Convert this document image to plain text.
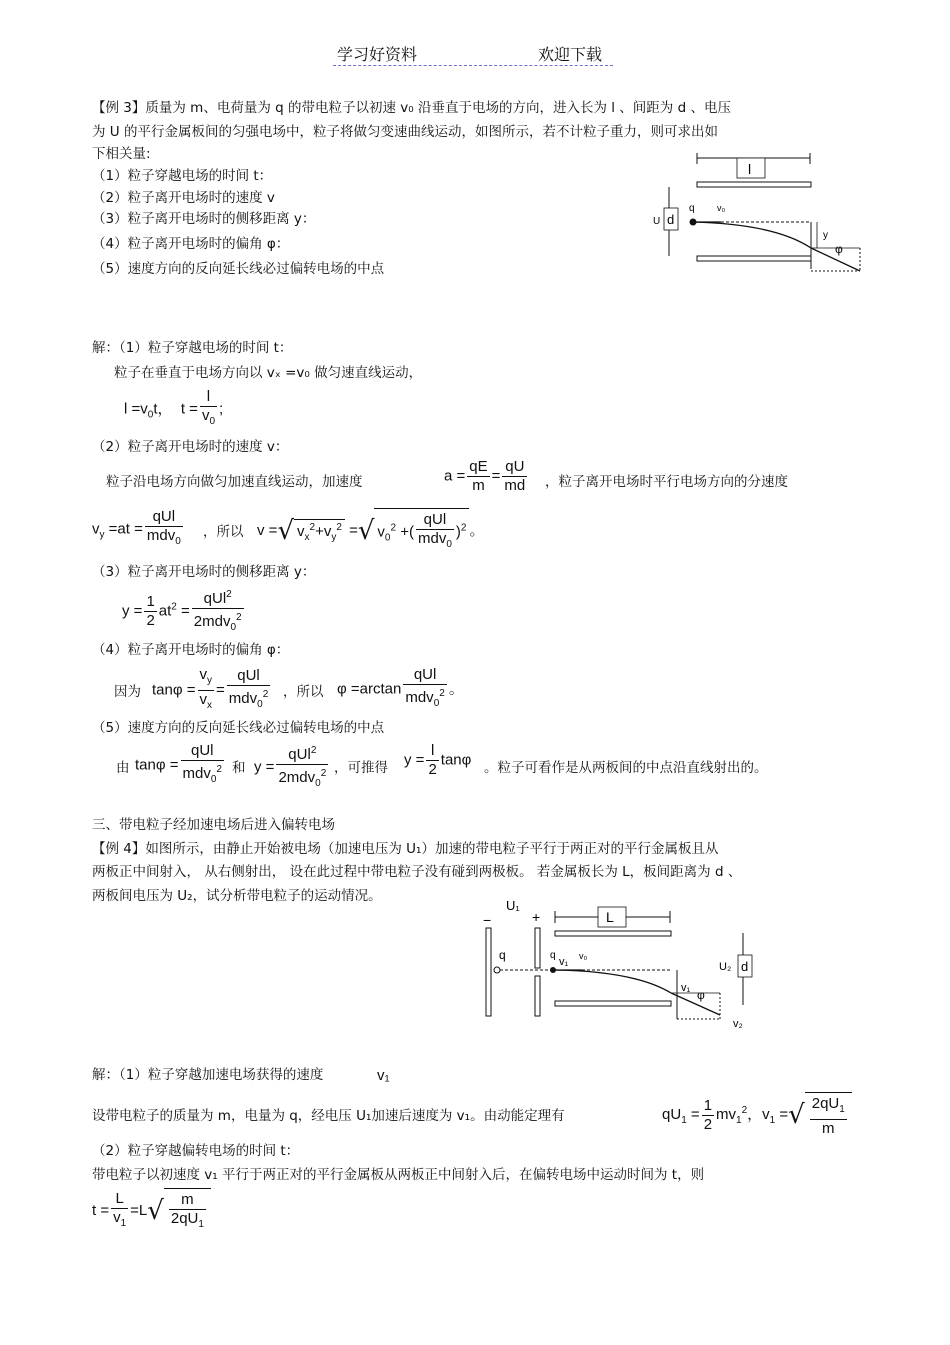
学习好资料	欢迎下载
【例 3】质量为 m、电荷量为 q 的带电粒子以初速 v₀ 沿垂直于电场的方向，进入长为 l 、间距为 d 、电压
为 U 的平行金属板间的匀强电场中，粒子将做匀变速曲线运动，如图所示，若不计粒子重力，则可求出如
下相关量:
（1）粒子穿越电场的时间 t：
（2）粒子离开电场时的速度 v
（3）粒子离开电场时的侧移距离 y：
（4）粒子离开电场时的偏角 φ：
（5）速度方向的反向延长线必过偏转电场的中点
l
U d
q v₀
y
φ
解：（1）粒子穿越电场的时间 t：
粒子在垂直于电场方向以 vₓ =v₀ 做匀速直线运动，
$l =v_0t$，  $t = \frac{l}{v_0}$ ;
（2）粒子离开电场时的速度 v：
粒子沿电场方向做匀加速直线运动，加速度	$a = \frac{qE}{m} = \frac{qU}{md}$ ，粒子离开电场时平行电场方向的分速度
$v_y =at = \frac{\text{qUl}}{mdv_0}$ ，所以 v =√ $v_x^2+v_y^2$ =√ $v_0^2$ +( $\frac{\text{qUl}}{mdv_0} )^2$ 。
（3）粒子离开电场时的侧移距离 y：
$y = \frac{1}{2} at^2 = \frac{qUl^2}{2mdv_0^2}$
（4）粒子离开电场时的偏角 φ：
因为 $\tan\varphi = \frac{v_y}{v_x} = \frac{\text{qUl}}{mdv_0^2}$ ，所以 $\varphi =\arctan \frac{\text{qUl}}{mdv_0^2}$ 。
（5）速度方向的反向延长线必过偏转电场的中点
由 $\tan\varphi = \frac{\text{qUl}}{mdv_0^2}$ 和 $y = \frac{qUl^2}{2mdv_0^2}$ ，可推得 $y = \frac{l}{2}$ tanφ 。粒子可看作是从两板间的中点沿直线射出的。
三、带电粒子经加速电场后进入偏转电场
【例 4】如图所示，由静止开始被电场（加速电压为 U₁）加速的带电粒子平行于两正对的平行金属板且从
两板正中间射入， 从右侧射出， 设在此过程中带电粒子没有碰到两极板。 若金属板长为 L，板间距离为 d 、
两板间电压为 U₂，试分析带电粒子的运动情况。
U₁
−	+
q
L
q
v₁ v₀
v₁ φ
U₂ d
v₂
解：（1）粒子穿越加速电场获得的速度	v₁
设带电粒子的质量为 m，电量为 q，经电压 U₁加速后速度为 v₁。由动能定理有	$qU_1 = \frac{1}{2} mv_1^2$，$v_1$ =√ $\frac{2qU_1}{m}$
（2）粒子穿越偏转电场的时间 t：
带电粒子以初速度 v₁ 平行于两正对的平行金属板从两板正中间射入后，在偏转电场中运动时间为 t，则
$t = \frac{L}{v_1} =L√ \frac{m}{2qU_1}$
